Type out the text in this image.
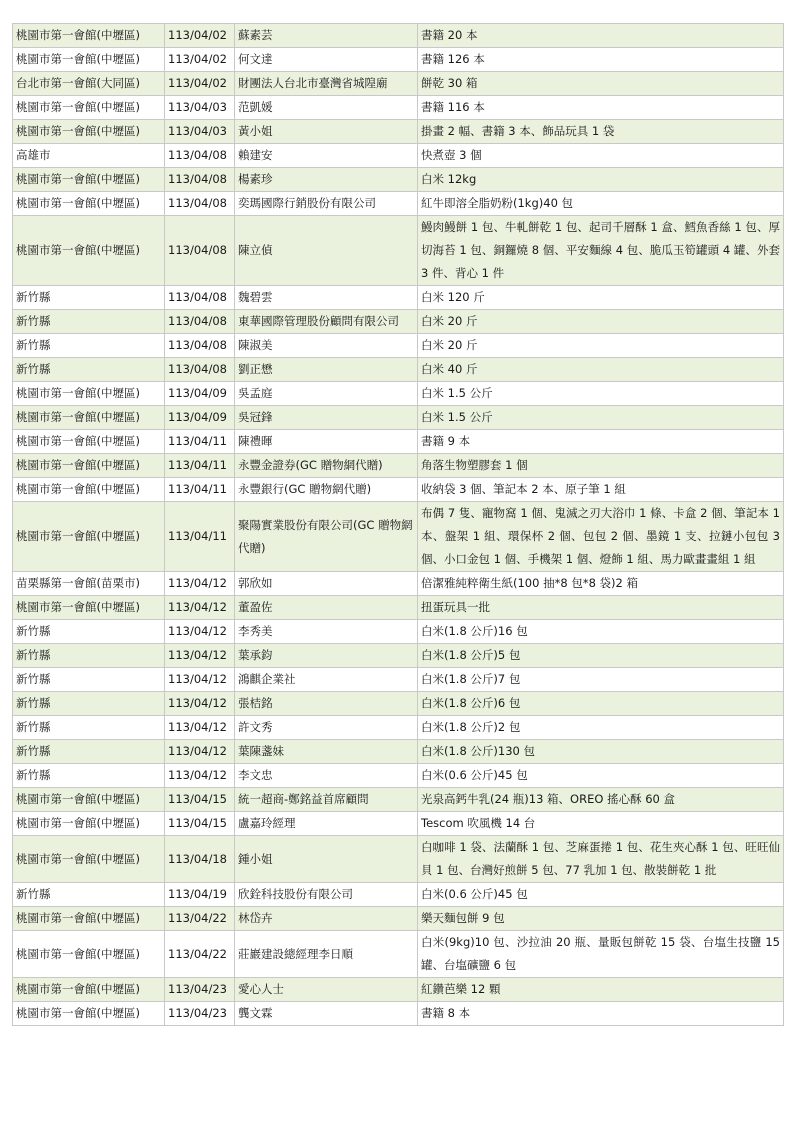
桃園市第一會館(中壢區)	113/04/02	蘇素芸	書籍 20 本
桃園市第一會館(中壢區)	113/04/02	何文達	書籍 126 本
台北市第一會館(大同區)	113/04/02	財團法人台北市臺灣省城隍廟	餅乾 30 箱
桃園市第一會館(中壢區)	113/04/03	范凱媛	書籍 116 本
桃園市第一會館(中壢區)	113/04/03	黃小姐	掛畫 2 幅、書籍 3 本、飾品玩具 1 袋
高雄市	113/04/08	賴建安	快煮壺 3 個
桃園市第一會館(中壢區)	113/04/08	楊素珍	白米 12kg
桃園市第一會館(中壢區)	113/04/08	奕瑪國際行銷股份有限公司	紅牛即溶全脂奶粉(1kg)40 包
桃園市第一會館(中壢區)	113/04/08	陳立偵	鰻肉鰻餅 1 包、牛軋餅乾 1 包、起司千層酥 1 盒、鱈魚香絲 1 包、厚切海苔 1 包、銅鑼燒 8 個、平安麵線 4 包、脆瓜玉筍罐頭 4 罐、外套 3 件、背心 1 件
新竹縣	113/04/08	魏碧雲	白米 120 斤
新竹縣	113/04/08	東華國際管理股份顧問有限公司	白米 20 斤
新竹縣	113/04/08	陳淑美	白米 20 斤
新竹縣	113/04/08	劉正懋	白米 40 斤
桃園市第一會館(中壢區)	113/04/09	吳孟庭	白米 1.5 公斤
桃園市第一會館(中壢區)	113/04/09	吳冠鋒	白米 1.5 公斤
桃園市第一會館(中壢區)	113/04/11	陳禮暉	書籍 9 本
桃園市第一會館(中壢區)	113/04/11	永豐金證券(GC 贈物網代贈)	角落生物塑膠套 1 個
桃園市第一會館(中壢區)	113/04/11	永豐銀行(GC 贈物網代贈)	收納袋 3 個、筆記本 2 本、原子筆 1 組
桃園市第一會館(中壢區)	113/04/11	聚陽實業股份有限公司(GC 贈物網代贈)	布偶 7 隻、寵物窩 1 個、鬼滅之刃大浴巾 1 條、卡盒 2 個、筆記本 1 本、盤架 1 組、環保杯 2 個、包包 2 個、墨鏡 1 支、拉鏈小包包 3 個、小口金包 1 個、手機架 1 個、燈飾 1 組、馬力歐畫畫組 1 組
苗栗縣第一會館(苗栗市)	113/04/12	郭欣如	倍潔雅純粹衛生紙(100 抽*8 包*8 袋)2 箱
桃園市第一會館(中壢區)	113/04/12	董盈佐	扭蛋玩具一批
新竹縣	113/04/12	李秀美	白米(1.8 公斤)16 包
新竹縣	113/04/12	葉承鈞	白米(1.8 公斤)5 包
新竹縣	113/04/12	鴻麒企業社	白米(1.8 公斤)7 包
新竹縣	113/04/12	張桔銘	白米(1.8 公斤)6 包
新竹縣	113/04/12	許文秀	白米(1.8 公斤)2 包
新竹縣	113/04/12	葉陳盞妹	白米(1.8 公斤)130 包
新竹縣	113/04/12	李文忠	白米(0.6 公斤)45 包
桃園市第一會館(中壢區)	113/04/15	統一超商-鄭銘益首席顧問	光泉高鈣牛乳(24 瓶)13 箱、OREO 搖心酥 60 盒
桃園市第一會館(中壢區)	113/04/15	盧嘉玲經理	Tescom 吹風機 14 台
桃園市第一會館(中壢區)	113/04/18	鍾小姐	白咖啡 1 袋、法蘭酥 1 包、芝麻蛋捲 1 包、花生夾心酥 1 包、旺旺仙貝 1 包、台灣好煎餅 5 包、77 乳加 1 包、散裝餅乾 1 批
新竹縣	113/04/19	欣銓科技股份有限公司	白米(0.6 公斤)45 包
桃園市第一會館(中壢區)	113/04/22	林岱卉	樂天麵包餅 9 包
桃園市第一會館(中壢區)	113/04/22	莊巖建設總經理李日順	白米(9kg)10 包、沙拉油 20 瓶、量販包餅乾 15 袋、台塩生技鹽 15 罐、台塩礦鹽 6 包
桃園市第一會館(中壢區)	113/04/23	愛心人士	紅鑽芭樂 12 顆
桃園市第一會館(中壢區)	113/04/23	龔文霖	書籍 8 本
